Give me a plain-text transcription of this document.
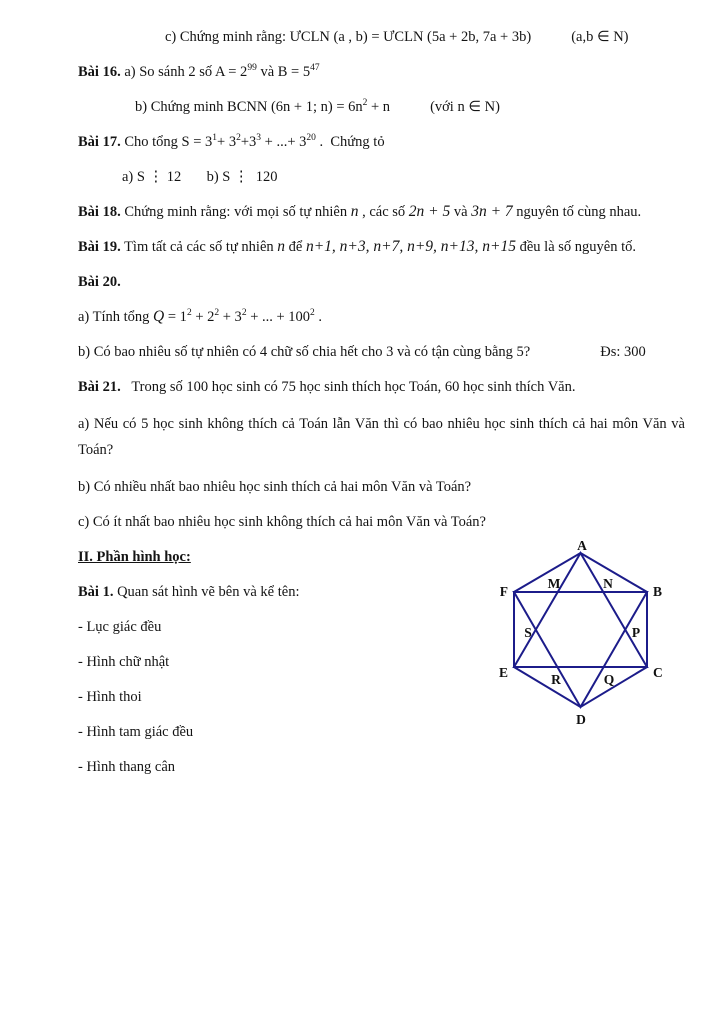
c) Chứng minh rằng: ƯCLN (a , b) = ƯCLN (5a + 2b, 7a + 3b)	(a,b ∈ N)

Bài 16. a) So sánh 2 số $A = 2^{99}$ và $B = 5^{47}$

b) Chứng minh BCNN (6n + 1; $n) = 6n^2 + n$	(với n ∈ N)

Bài 17. Cho tổng $S = 3^1+ 3^2+3^3$ + ...+ $3^{20}$ .  Chứng tỏ

a) S ⋮ 12       b) S ⋮  120

Bài 18. Chứng minh rằng: với mọi số tự nhiên n , các số 2n + 5 và 3n + 7 nguyên tố cùng nhau.

Bài 19. Tìm tất cả các số tự nhiên n để n+1, n+3, n+7, n+9, n+13, n+15 đều là số nguyên tố.

Bài 20.

a) Tính tổng $Q = 1^2 + 2^2 + 3^2$ + ... + $100^2$ .

b) Có bao nhiêu số tự nhiên có 4 chữ số chia hết cho 3 và có tận cùng bằng 5?	Đs: 300

Bài 21.   Trong số 100 học sinh có 75 học sinh thích học Toán, 60 học sinh thích Văn.

a) Nếu có 5 học sinh không thích cả Toán lẫn Văn thì có bao nhiêu học sinh thích cả hai môn Văn và Toán?

b) Có nhiều nhất bao nhiêu học sinh thích cả hai môn Văn và Toán?

c) Có ít nhất bao nhiêu học sinh không thích cả hai môn Văn và Toán?

II. Phần hình học:

Bài 1. Quan sát hình vẽ bên và kể tên:

- Lục giác đều

- Hình chữ nhật

- Hình thoi

- Hình tam giác đều

- Hình thang cân

A
B
C
D
E
F
M	N
S	P
R	Q
